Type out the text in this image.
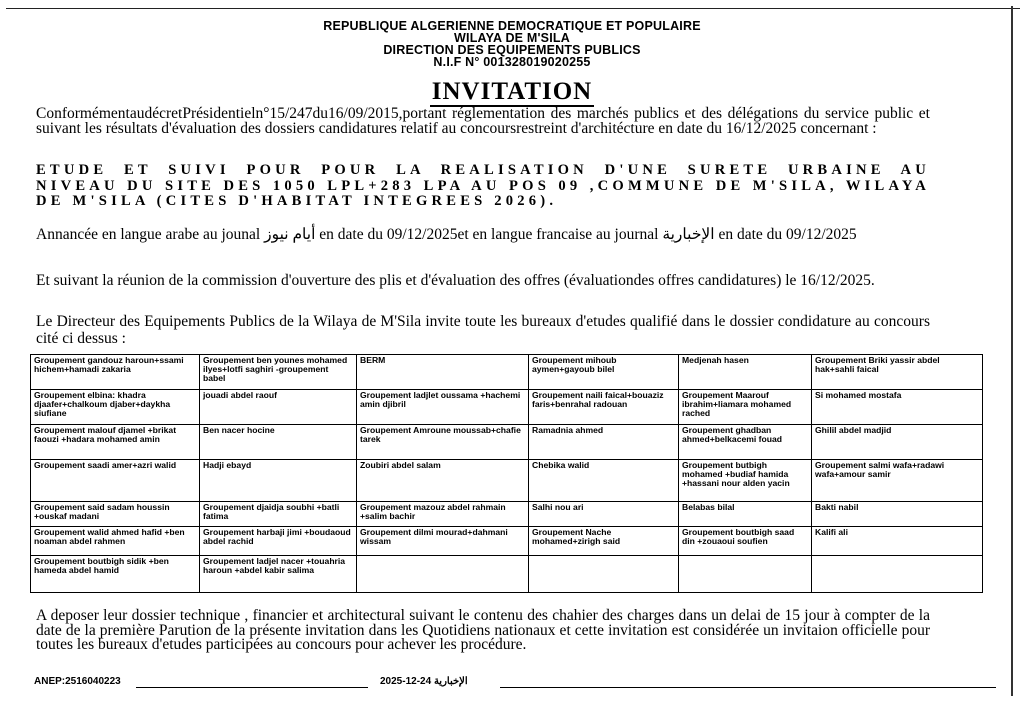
REPUBLIQUE ALGERIENNE DEMOCRATIQUE ET POPULAIRE
WILAYA DE M'SILA
DIRECTION DES EQUIPEMENTS PUBLICS
N.I.F N° 001328019020255
INVITATION
ConformémentaudécretPrésidentieln°15/247du16/09/2015,portant réglementation des marchés publics et des délégations du service public et suivant les résultats d'évaluation des dossiers candidatures relatif au concoursrestreint d'architécture en date du 16/12/2025 concernant :
ETUDE ET SUIVI POUR POUR LA REALISATION D'UNE SURETE URBAINE AU NIVEAU DU SITE DES 1050 LPL+283 LPA AU POS 09 ,COMMUNE DE M'SILA, WILAYA DE M'SILA (CITES D'HABITAT INTEGREES 2026).
Annancée en langue arabe au jounal أيام نيوز en date du 09/12/2025et en langue francaise au journal الإخبارية en date du 09/12/2025
Et suivant la réunion de la commission d'ouverture des plis et d'évaluation des offres (évaluationdes offres candidatures) le 16/12/2025.
Le Directeur des Equipements Publics de la Wilaya de M'Sila invite toute les bureaux d'etudes qualifié dans le dossier condidature au concours cité ci dessus :
Groupement gandouz haroun+ssami hichem+hamadi zakaria	Groupement ben younes mohamed ilyes+lotfi saghiri -groupement babel	BERM	Groupement mihoub aymen+gayoub bilel	Medjenah hasen	Groupement Briki yassir abdel hak+sahli faical
Groupement elbina: khadra djaafer+chalkoum djaber+daykha siufiane	jouadi abdel raouf	Groupement ladjlet oussama +hachemi amin djibril	Groupement naili faical+bouaziz faris+benrahal radouan	Groupement Maarouf ibrahim+liamara mohamed rached	Si mohamed mostafa
Groupement malouf djamel +brikat faouzi +hadara mohamed amin	Ben nacer hocine	Groupement Amroune moussab+chafie tarek	Ramadnia ahmed	Groupement ghadban ahmed+belkacemi fouad	Ghilil abdel madjid
Groupement saadi amer+azri walid	Hadji ebayd	Zoubiri abdel salam	Chebika walid	Groupement butbigh mohamed +budiaf hamida +hassani nour alden yacin	Groupement salmi wafa+radawi wafa+amour samir
Groupement said sadam houssin +ouskaf madani	Groupement djaidja soubhi +batli fatima	Groupement mazouz abdel rahmain +salim bachir	Salhi nou ari	Belabas bilal	Bakti nabil
Groupement walid ahmed hafid +ben noaman abdel rahmen	Groupement harbaji jimi +boudaoud abdel rachid	Groupement dilmi mourad+dahmani wissam	Groupement Nache mohamed+zirigh said	Groupement boutbigh saad din +zouaoui soufien	Kalifi ali
Groupement boutbigh sidik +ben hameda abdel hamid	Groupement ladjel nacer +touahria haroun +abdel kabir salima				
A deposer leur dossier technique , financier et architectural suivant le contenu des chahier des charges dans un delai de 15 jour à compter de la date de la première Parution de la présente invitation dans les Quotidiens nationaux et cette invitation est considérée un invitaion officielle pour toutes les bureaux d'etudes participées au concours pour achever les procédure.
ANEP:2516040223	2025-12-24 الإخبارية
